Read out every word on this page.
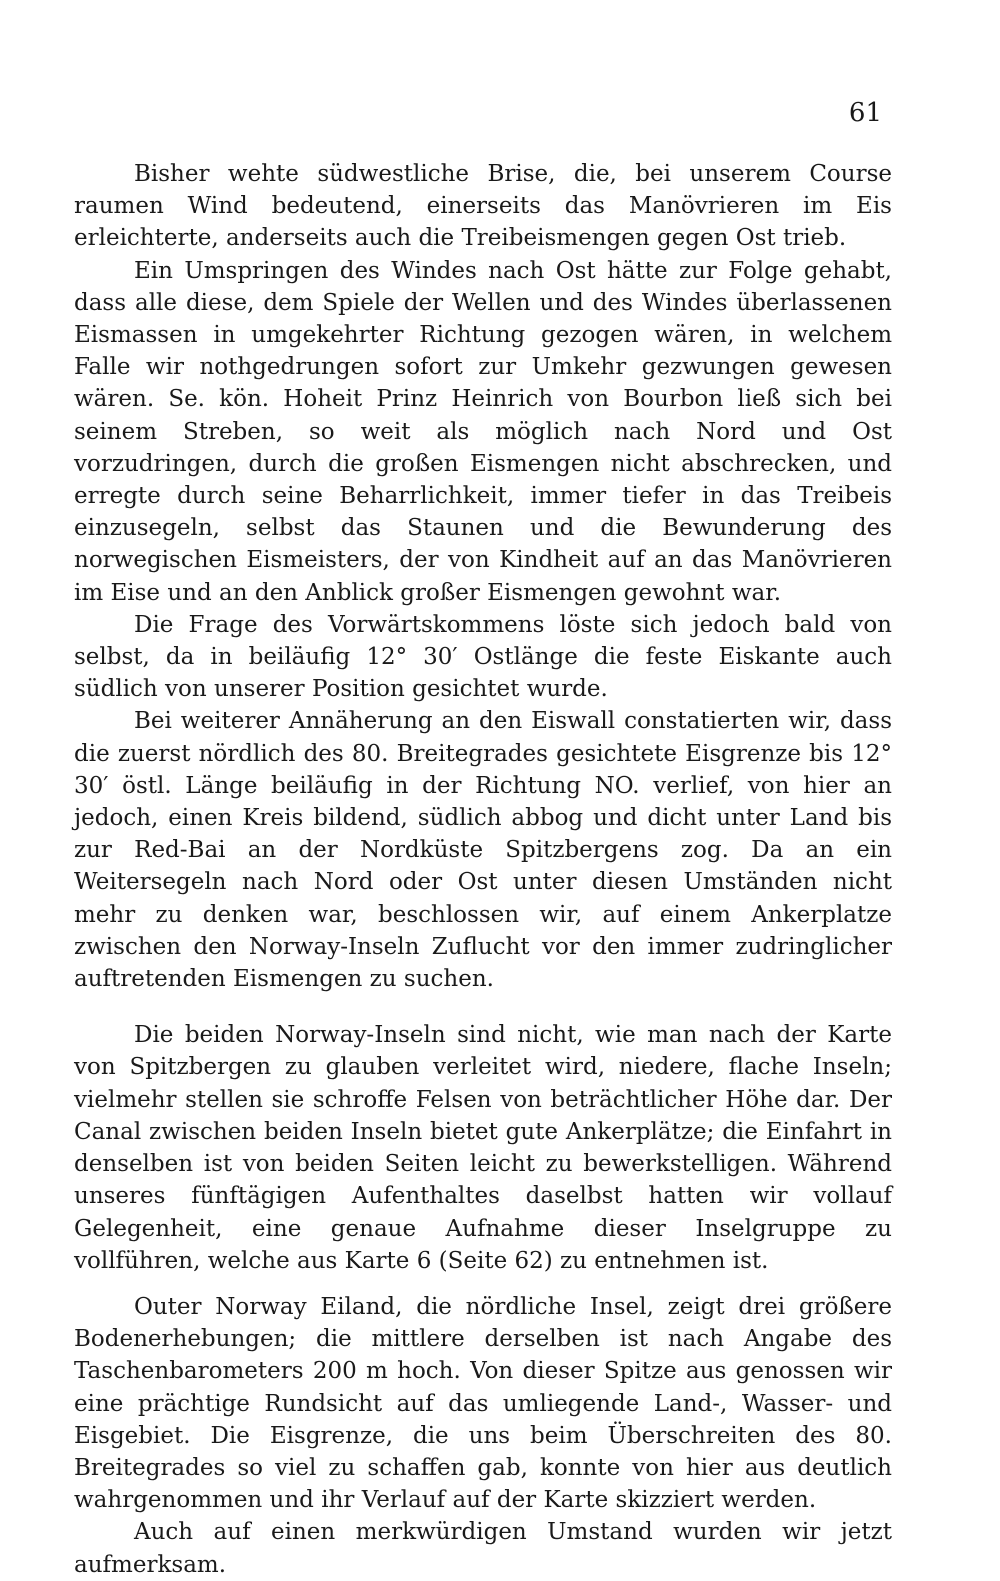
61

Bisher wehte südwestliche Brise, die, bei unserem Course raumen Wind bedeutend, einerseits das Manövrieren im Eis erleichterte, anderseits auch die Treibeismengen gegen Ost trieb.

Ein Umspringen des Windes nach Ost hätte zur Folge gehabt, dass alle diese, dem Spiele der Wellen und des Windes überlassenen Eismassen in umgekehrter Richtung gezogen wären, in welchem Falle wir nothgedrungen sofort zur Umkehr gezwungen gewesen wären. Se. kön. Hoheit Prinz Heinrich von Bourbon ließ sich bei seinem Streben, so weit als möglich nach Nord und Ost vorzudringen, durch die großen Eismengen nicht abschrecken, und erregte durch seine Beharrlichkeit, immer tiefer in das Treibeis einzusegeln, selbst das Staunen und die Bewunderung des norwegischen Eismeisters, der von Kindheit auf an das Manövrieren im Eise und an den Anblick großer Eismengen gewohnt war.

Die Frage des Vorwärtskommens löste sich jedoch bald von selbst, da in beiläufig 12° 30′ Ostlänge die feste Eiskante auch südlich von unserer Position gesichtet wurde.

Bei weiterer Annäherung an den Eiswall constatierten wir, dass die zuerst nördlich des 80. Breitegrades gesichtete Eisgrenze bis 12° 30′ östl. Länge beiläufig in der Richtung NO. verlief, von hier an jedoch, einen Kreis bildend, südlich abbog und dicht unter Land bis zur Red-Bai an der Nordküste Spitzbergens zog. Da an ein Weitersegeln nach Nord oder Ost unter diesen Umständen nicht mehr zu denken war, beschlossen wir, auf einem Ankerplatze zwischen den Norway-Inseln Zuflucht vor den immer zudringlicher auftretenden Eismengen zu suchen.

Die beiden Norway-Inseln sind nicht, wie man nach der Karte von Spitzbergen zu glauben verleitet wird, niedere, flache Inseln; vielmehr stellen sie schroffe Felsen von beträchtlicher Höhe dar. Der Canal zwischen beiden Inseln bietet gute Ankerplätze; die Einfahrt in denselben ist von beiden Seiten leicht zu bewerkstelligen. Während unseres fünftägigen Aufenthaltes daselbst hatten wir vollauf Gelegenheit, eine genaue Aufnahme dieser Inselgruppe zu vollführen, welche aus Karte 6 (Seite 62) zu entnehmen ist.

Outer Norway Eiland, die nördliche Insel, zeigt drei größere Bodenerhebungen; die mittlere derselben ist nach Angabe des Taschenbarometers 200 m hoch. Von dieser Spitze aus genossen wir eine prächtige Rundsicht auf das umliegende Land-, Wasser- und Eisgebiet. Die Eisgrenze, die uns beim Überschreiten des 80. Breitegrades so viel zu schaffen gab, konnte von hier aus deutlich wahrgenommen und ihr Verlauf auf der Karte skizziert werden.

Auch auf einen merkwürdigen Umstand wurden wir jetzt aufmerksam.
